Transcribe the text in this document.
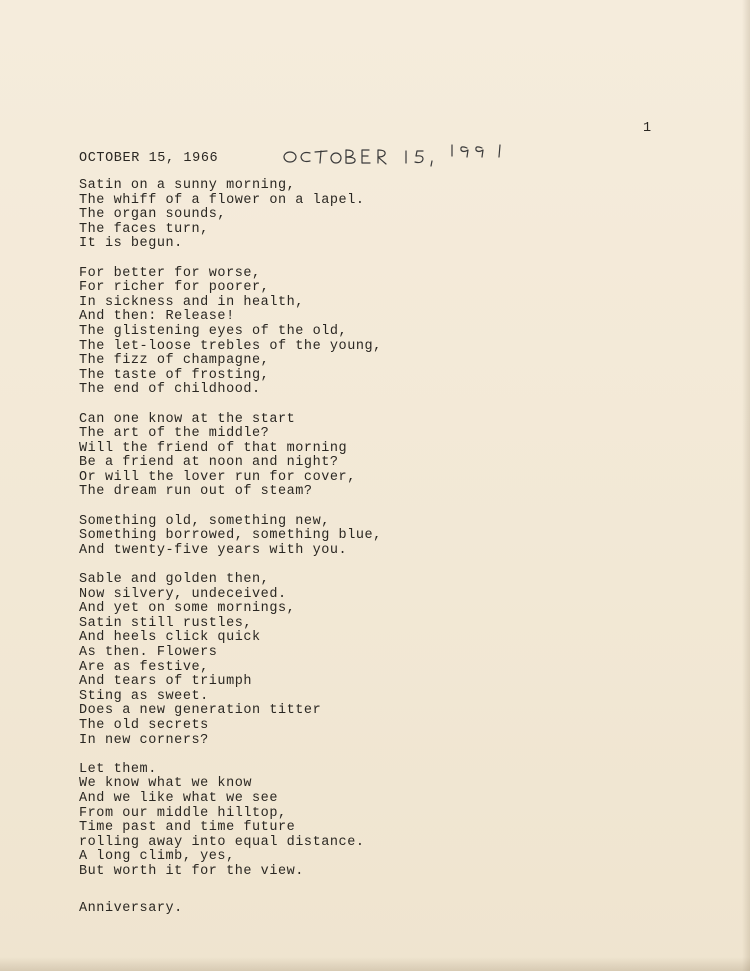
1
OCTOBER 15, 1966
Satin on a sunny morning,
The whiff of a flower on a lapel.
The organ sounds,
The faces turn,
It is begun.
For better for worse,
For richer for poorer,
In sickness and in health,
And then: Release!
The glistening eyes of the old,
The let-loose trebles of the young,
The fizz of champagne,
The taste of frosting,
The end of childhood.
Can one know at the start
The art of the middle?
Will the friend of that morning
Be a friend at noon and night?
Or will the lover run for cover,
The dream run out of steam?
Something old, something new,
Something borrowed, something blue,
And twenty-five years with you.
Sable and golden then,
Now silvery, undeceived.
And yet on some mornings,
Satin still rustles,
And heels click quick
As then. Flowers
Are as festive,
And tears of triumph
Sting as sweet.
Does a new generation titter
The old secrets
In new corners?
Let them.
We know what we know
And we like what we see
From our middle hilltop,
Time past and time future
rolling away into equal distance.
A long climb, yes,
But worth it for the view.
Anniversary.
